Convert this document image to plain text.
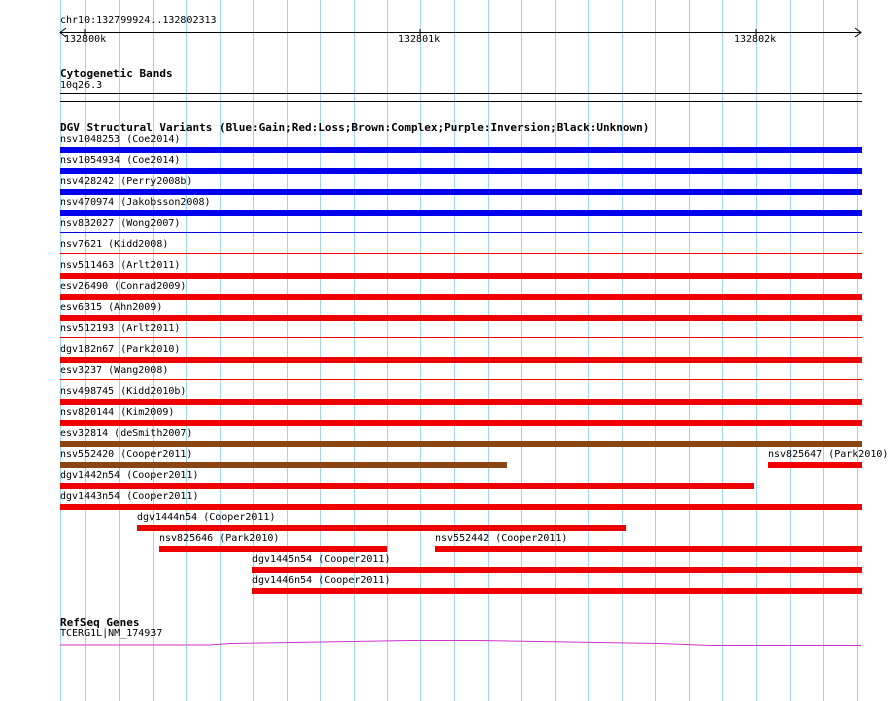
chr10:132799924..132802313
132800k	132801k	132802k
Cytogenetic Bands
10q26.3
DGV Structural Variants (Blue:Gain;Red:Loss;Brown:Complex;Purple:Inversion;Black:Unknown)
nsv1048253 (Coe2014)
nsv1054934 (Coe2014)
nsv428242 (Perry2008b)
nsv470974 (Jakobsson2008)
nsv832027 (Wong2007)
nsv7621 (Kidd2008)
nsv511463 (Arlt2011)
esv26490 (Conrad2009)
esv6315 (Ahn2009)
nsv512193 (Arlt2011)
dgv182n67 (Park2010)
esv3237 (Wang2008)
nsv498745 (Kidd2010b)
nsv820144 (Kim2009)
esv32814 (deSmith2007)
nsv552420 (Cooper2011)	nsv825647 (Park2010)
dgv1442n54 (Cooper2011)
dgv1443n54 (Cooper2011)
dgv1444n54 (Cooper2011)
nsv825646 (Park2010)	nsv552442 (Cooper2011)
dgv1445n54 (Cooper2011)
dgv1446n54 (Cooper2011)
RefSeq Genes
TCERG1L|NM_174937
